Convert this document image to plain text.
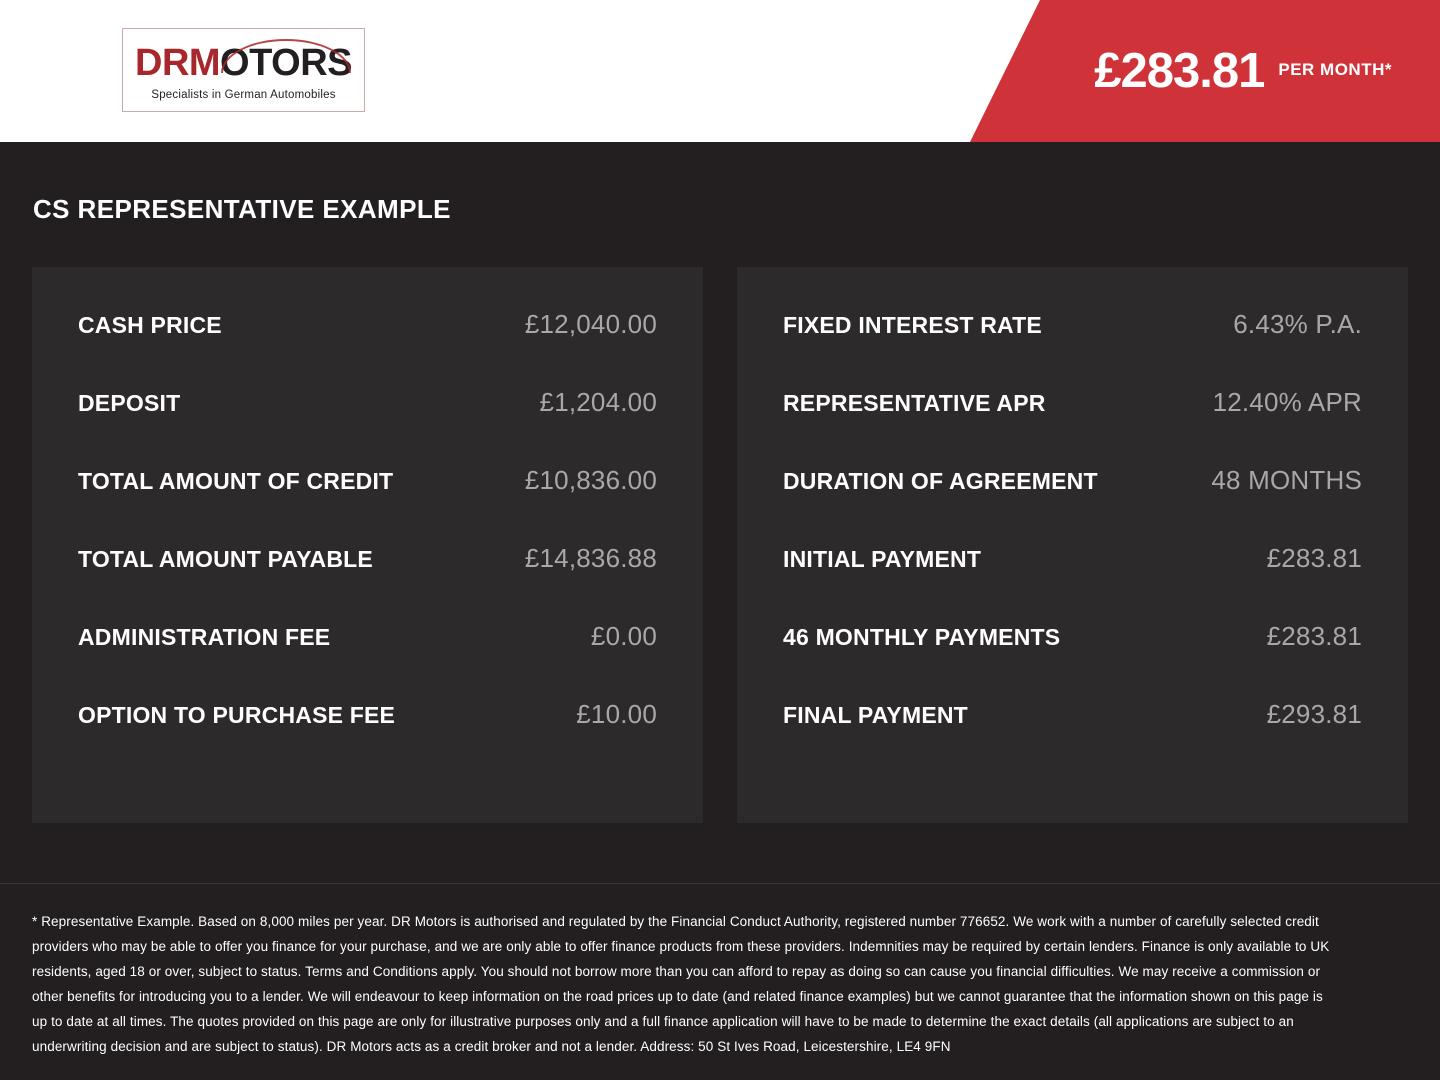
DRMOTORS
Specialists in German Automobiles	£283.81 PER MONTH*
CS REPRESENTATIVE EXAMPLE
CASH PRICE	£12,040.00
DEPOSIT	£1,204.00
TOTAL AMOUNT OF CREDIT	£10,836.00
TOTAL AMOUNT PAYABLE	£14,836.88
ADMINISTRATION FEE	£0.00
OPTION TO PURCHASE FEE	£10.00
FIXED INTEREST RATE	6.43% P.A.
REPRESENTATIVE APR	12.40% APR
DURATION OF AGREEMENT	48 MONTHS
INITIAL PAYMENT	£283.81
46 MONTHLY PAYMENTS	£283.81
FINAL PAYMENT	£293.81

* Representative Example. Based on 8,000 miles per year. DR Motors is authorised and regulated by the Financial Conduct Authority, registered number 776652. We work with a number of carefully selected credit providers who may be able to offer you finance for your purchase, and we are only able to offer finance products from these providers. Indemnities may be required by certain lenders. Finance is only available to UK residents, aged 18 or over, subject to status. Terms and Conditions apply. You should not borrow more than you can afford to repay as doing so can cause you financial difficulties. We may receive a commission or other benefits for introducing you to a lender. We will endeavour to keep information on the road prices up to date (and related finance examples) but we cannot guarantee that the information shown on this page is up to date at all times. The quotes provided on this page are only for illustrative purposes only and a full finance application will have to be made to determine the exact details (all applications are subject to an underwriting decision and are subject to status). DR Motors acts as a credit broker and not a lender. Address: 50 St Ives Road, Leicestershire, LE4 9FN
